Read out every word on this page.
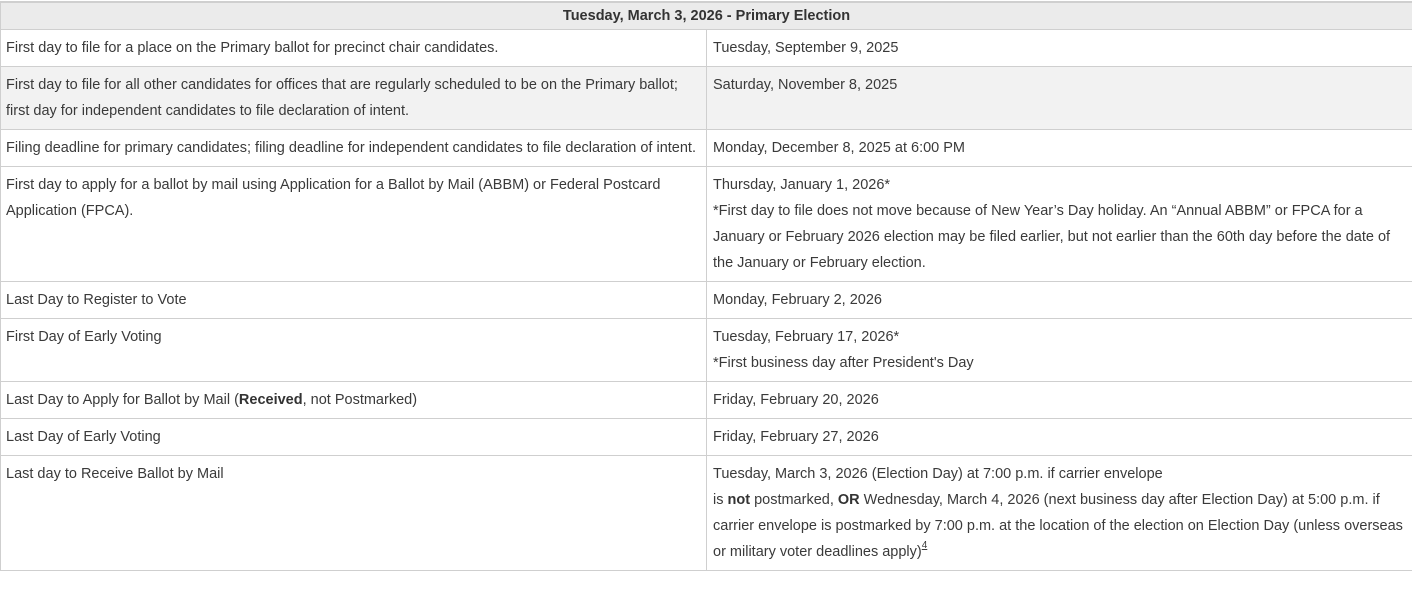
Tuesday, March 3, 2026 - Primary Election	
First day to file for a place on the Primary ballot for precinct chair candidates.	Tuesday, September 9, 2025
First day to file for all other candidates for offices that are regularly scheduled to be on the Primary ballot; first day for independent candidates to file declaration of intent.	Saturday, November 8, 2025
Filing deadline for primary candidates; filing deadline for independent candidates to file declaration of intent.	Monday, December 8, 2025 at 6:00 PM
First day to apply for a ballot by mail using Application for a Ballot by Mail (ABBM) or Federal Postcard Application (FPCA).	Thursday, January 1, 2026*
*First day to file does not move because of New Year’s Day holiday. An “Annual ABBM” or FPCA for a January or February 2026 election may be filed earlier, but not earlier than the 60th day before the date of the January or February election.

Last Day to Register to Vote	Monday, February 2, 2026
First Day of Early Voting	Tuesday, February 17, 2026*
*First business day after President's Day

Last Day to Apply for Ballot by Mail (Received, not Postmarked)	Friday, February 20, 2026
Last Day of Early Voting	Friday, February 27, 2026
Last day to Receive Ballot by Mail	Tuesday, March 3, 2026 (Election Day) at 7:00 p.m. if carrier envelope
is not postmarked, OR Wednesday, March 4, 2026 (next business day after Election Day) at 5:00 p.m. if carrier envelope is postmarked by 7:00 p.m. at the location of the election on Election Day (unless overseas or military voter deadlines apply)$^4$
